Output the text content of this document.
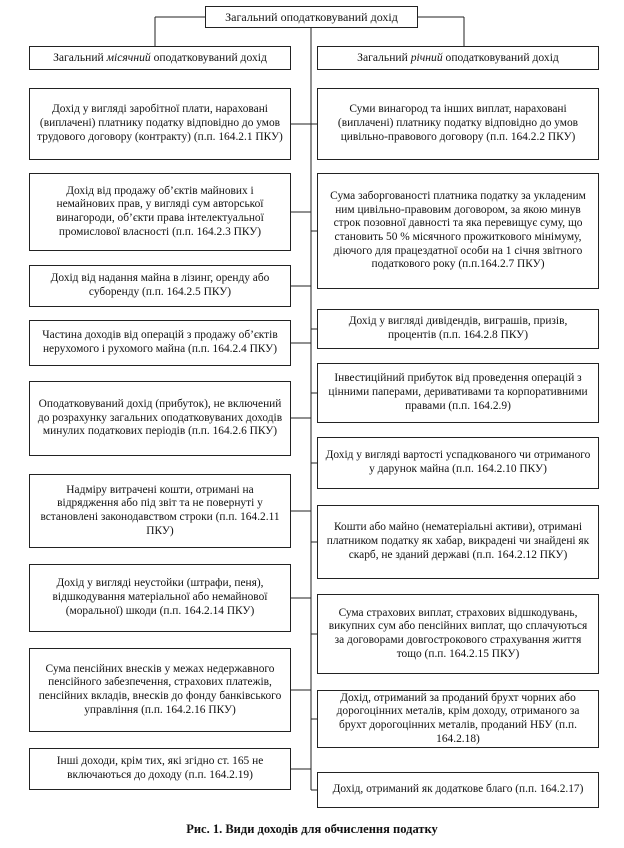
Загальний оподатковуваний дохід
Загальний місячний оподатковуваний дохід	Загальний річний оподатковуваний дохід
Дохід у вигляді заробітної плати, нараховані (виплачені) платнику податку відповідно до умов трудового договору (контракту) (п.п. 164.2.1 ПКУ)
Дохід від продажу об’єктів майнових і немайнових прав, у вигляді сум авторської винагороди, об’єкти права інтелектуальної промислової власності (п.п. 164.2.3 ПКУ)
Дохід від надання майна в лізинг, оренду або суборенду (п.п. 164.2.5 ПКУ)
Частина доходів від операцій з продажу об’єктів нерухомого і рухомого майна (п.п. 164.2.4 ПКУ)
Оподатковуваний дохід (прибуток), не включений до розрахунку загальних оподатковуваних доходів минулих податкових періодів (п.п. 164.2.6 ПКУ)
Надміру витрачені кошти, отримані на відрядження або під звіт та не повернуті у встановлені законодавством строки (п.п. 164.2.11 ПКУ)
Дохід у вигляді неустойки (штрафи, пеня), відшкодування матеріальної або немайнової (моральної) шкоди (п.п. 164.2.14 ПКУ)
Сума пенсійних внесків у межах недержавного пенсійного забезпечення, страхових платежів, пенсійних вкладів, внесків до фонду банківського управління (п.п. 164.2.16 ПКУ)
Інші доходи, крім тих, які згідно ст. 165 не включаються до доходу (п.п. 164.2.19)
Суми винагород та інших виплат, нараховані (виплачені) платнику податку відповідно до умов цивільно-правового договору (п.п. 164.2.2 ПКУ)
Сума заборгованості платника податку за укладеним ним цивільно-правовим договором, за якою минув строк позовної давності та яка перевищує суму, що становить 50 % місячного прожиткового мінімуму, діючого для працездатної особи на 1 січня звітного податкового року (п.п.164.2.7 ПКУ)
Дохід у вигляді дивідендів, виграшів, призів, процентів (п.п. 164.2.8 ПКУ)
Інвестиційний прибуток від проведення операцій з цінними паперами, деривативами та корпоративними правами (п.п. 164.2.9)
Дохід у вигляді вартості успадкованого чи отриманого у дарунок майна (п.п. 164.2.10 ПКУ)
Кошти або майно (нематеріальні активи), отримані платником податку як хабар, викрадені чи знайдені як скарб, не зданий державі (п.п. 164.2.12 ПКУ)
Сума страхових виплат, страхових відшкодувань, викупних сум або пенсійних виплат, що сплачуються за договорами довгострокового страхування життя тощо (п.п. 164.2.15 ПКУ)
Дохід, отриманий за проданий брухт чорних або дорогоцінних металів, крім доходу, отриманого за брухт дорогоцінних металів, проданий НБУ (п.п. 164.2.18)
Дохід, отриманий як додаткове благо (п.п. 164.2.17)
Рис. 1. Види доходів для обчислення податку
